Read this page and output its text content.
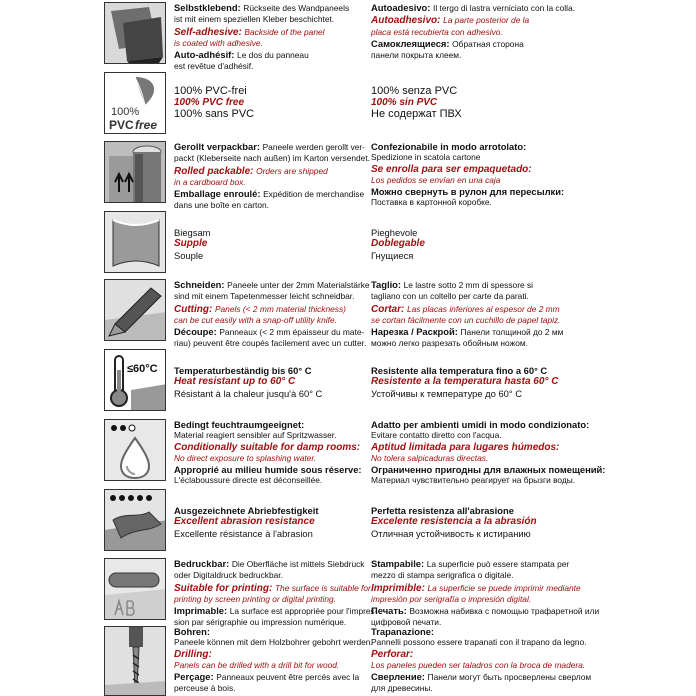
Selbstklebend: Rückseite des Wandpaneels
ist mit einem speziellen Kleber beschichtet.
Self-adhesive: Backside of the panel
is coated with adhesive.
Auto-adhésif: Le dos du panneau
est revêtue d'adhésif.
Autoadesivo: Il tergo di lastra verniciato con la colla.
Autoadhesivo: La parte posterior de la
placa está recubierta con adhesivo.
Самоклеящиеся: Обратная сторона
панели покрыта клеем.
100%
PVC free
100% PVC-frei
100% PVC free
100% sans PVC
100% senza PVC
100% sin PVC
Не содержат ПВХ
Gerollt verpackbar: Paneele werden gerollt ver-
packt (Kleberseite nach außen) im Karton versendet.
Rolled packable: Orders are shipped
in a cardboard box.
Emballage enroulé: Expédition de merchandise
dans une boîte en carton.
Confezionabile in modo arrotolato:
Spedizione in scatola cartone
Se enrolla para ser empaquetado:
Los pedidos se envían en una caja
Можно свернуть в рулон для пересылки:
Поставка в картонной коробке.
Biegsam
Supple
Souple
Pieghevole
Doblegable
Гнущиеся
Schneiden: Paneele unter der 2mm Materialstärke
sind mit einem Tapetenmesser leicht schneidbar.
Cutting: Panels (< 2 mm material thickness)
can be cut easily with a snap-off utility knife.
Découpe: Panneaux (< 2 mm épaisseur du mate-
riau) peuvent être coupés facilement avec un cutter.
Taglio: Le lastre sotto 2 mm di spessore si
tagliano con un coltello per carte da parati.
Cortar: Las placas inferiores al espesor de 2 mm
se cortan fácilmente con un cuchillo de papel tapiz.
Нарезка / Раскрой: Панели толщиной до 2 мм
можно легко разрезать обойным ножом.
≤60°C Temperaturbeständig bis 60° C
Heat resistant up to 60° C
Résistant à la chaleur jusqu'à 60° C
Resistente alla temperatura fino a 60° C
Resistente a la temperatura hasta 60° C
Устойчивы к температуре до 60° C
Bedingt feuchtraumgeeignet:
Material reagiert sensibler auf Spritzwasser.
Conditionally suitable for damp rooms:
No direct exposure to splashing water.
Approprié au milieu humide sous réserve:
L'éclaboussure directe est déconseillée.
Adatto per ambienti umidi in modo condizionato:
Evitare contatto diretto con l'acqua.
Aptitud limitada para lugares húmedos:
No tolera salpicaduras directas.
Ограниченно пригодны для влажных помещений:
Материал чувствительно реагирует на брызги воды.
Ausgezeichnete Abriebfestigkeit
Excellent abrasion resistance
Excellente résistance à l'abrasion
Perfetta resistenza all'abrasione
Excelente resistencia a la abrasión
Отличная устойчивость к истиранию
Bedruckbar: Die Oberfläche ist mittels Siebdruck
oder Digitaldruck bedruckbar.
Suitable for printing: The surface is suitable for
printing by screen printing or digital printing.
Imprimable: La surface est appropriée pour l'impres-
sion par sérigraphie ou impression numérique.
Stampabile: La superficie può essere stampata per
mezzo di stampa serigrafica o digitale.
Imprimible: La superficie se puede imprimir mediante
impresión por serigrafía o impresión digital.
Печать: Возможна набивка с помощью трафаретной или
цифровой печати.
Bohren:
Paneele können mit dem Holzbohrer gebohrt werden.
Drilling:
Panels can be drilled with a drill bit for wood.
Perçage: Panneaux peuvent être percés avec la
perceuse à bois.
Trapanazione:
Pannelli possono essere trapanati con il trapano da legno.
Perforar:
Los paneles pueden ser taladros con la broca de madera.
Сверление: Панели могут быть просверлены сверлом
для древесины.
